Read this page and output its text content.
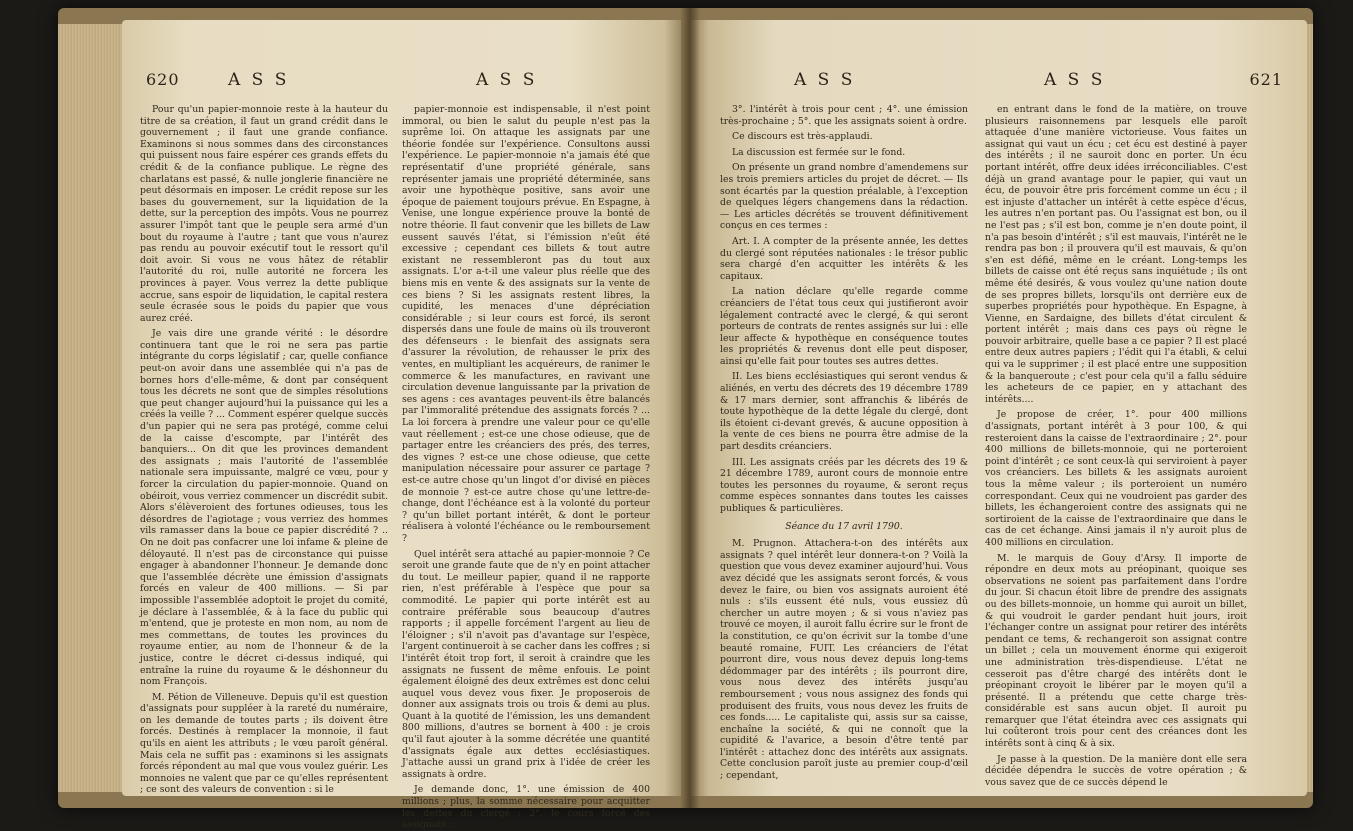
620	A S S	A S S

Pour qu'un papier-monnoie reste à la hauteur du titre de sa création, il faut un grand crédit dans le gouvernement ; il faut une grande confiance. Examinons si nous sommes dans des circonstances qui puissent nous faire espérer ces grands effets du crédit & de la confiance publique. Le règne des charlatans est passé, & nulle jonglerie financière ne peut désormais en imposer. Le crédit repose sur les bases du gouvernement, sur la liquidation de la dette, sur la perception des impôts. Vous ne pourrez assurer l'impôt tant que le peuple sera armé d'un bout du royaume à l'autre ; tant que vous n'aurez pas rendu au pouvoir exécutif tout le ressort qu'il doit avoir. Si vous ne vous hâtez de rétablir l'autorité du roi, nulle autorité ne forcera les provinces à payer. Vous verrez la dette publique accrue, sans espoir de liquidation, le capital restera seule écrasée sous le poids du papier que vous aurez créé.

Je vais dire une grande vérité : le désordre continuera tant que le roi ne sera pas partie intégrante du corps législatif ; car, quelle confiance peut-on avoir dans une assemblée qui n'a pas de bornes hors d'elle-même, & dont par conséquent tous les décrets ne sont que de simples résolutions que peut changer aujourd'hui la puissance qui les a créés la veille ? ... Comment espérer quelque succès d'un papier qui ne sera pas protégé, comme celui de la caisse d'escompte, par l'intérêt des banquiers... On dit que les provinces demandent des assignats ; mais l'autorité de l'assemblée nationale sera impuissante, malgré ce vœu, pour y forcer la circulation du papier-monnoie. Quand on obéiroit, vous verriez commencer un discrédit subit. Alors s'élèveroient des fortunes odieuses, tous les désordres de l'agiotage ; vous verriez des hommes vils ramasser dans la boue ce papier discrédité ? .. On ne doit pas confacrer une loi infame & pleine de déloyauté. Il n'est pas de circonstance qui puisse engager à abandonner l'honneur. Je demande donc que l'assemblée décrète une émission d'assignats forcés en valeur de 400 millions. — Si par impossible l'assemblée adoptoit le projet du comité, je déclare à l'assemblée, & à la face du public qui m'entend, que je proteste en mon nom, au nom de mes commettans, de toutes les provinces du royaume entier, au nom de l'honneur & de la justice, contre le décret ci-dessus indiqué, qui entraîne la ruine du royaume & le déshonneur du nom François.

M. Pétion de Villeneuve. Depuis qu'il est question d'assignats pour suppléer à la rareté du numéraire, on les demande de toutes parts ; ils doivent être forcés. Destinés à remplacer la monnoie, il faut qu'ils en aient les attributs ; le vœu paroît général. Mais cela ne suffit pas : examinons si les assignats forcés répondent au mal que vous voulez guérir. Les monnoies ne valent que par ce qu'elles représentent ; ce sont des valeurs de convention : si le

papier-monnoie est indispensable, il n'est point immoral, ou bien le salut du peuple n'est pas la suprême loi. On attaque les assignats par une théorie fondée sur l'expérience. Consultons aussi l'expérience. Le papier-monnoie n'a jamais été que représentatif d'une propriété générale, sans représenter jamais une propriété déterminée, sans avoir une hypothèque positive, sans avoir une époque de paiement toujours prévue. En Espagne, à Venise, une longue expérience prouve la bonté de notre théorie. Il faut convenir que les billets de Law eussent sauvés l'état, si l'émission n'eût été excessive ; cependant ces billets & tout autre existant ne ressembleront pas du tout aux assignats. L'or a-t-il une valeur plus réelle que des biens mis en vente & des assignats sur la vente de ces biens ? Si les assignats restent libres, la cupidité, les menaces d'une dépréciation considérable ; si leur cours est forcé, ils seront dispersés dans une foule de mains où ils trouveront des défenseurs : le bienfait des assignats sera d'assurer la révolution, de rehausser le prix des ventes, en multipliant les acquéreurs, de ranimer le commerce & les manufactures, en ravivant une circulation devenue languissante par la privation de ses agens : ces avantages peuvent-ils être balancés par l'immoralité prétendue des assignats forcés ? ... La loi forcera à prendre une valeur pour ce qu'elle vaut réellement ; est-ce une chose odieuse, que de partager entre les créanciers des prés, des terres, des vignes ? est-ce une chose odieuse, que cette manipulation nécessaire pour assurer ce partage ? est-ce autre chose qu'un lingot d'or divisé en pièces de monnoie ? est-ce autre chose qu'une lettre-de-change, dont l'échéance est à la volonté du porteur ? qu'un billet portant intérêt, & dont le porteur réalisera à volonté l'échéance ou le remboursement ?

Quel intérêt sera attaché au papier-monnoie ? Ce seroit une grande faute que de n'y en point attacher du tout. Le meilleur papier, quand il ne rapporte rien, n'est préférable à l'espèce que pour sa commodité. Le papier qui porte intérêt est au contraire préférable sous beaucoup d'autres rapports ; il appelle forcément l'argent au lieu de l'éloigner ; s'il n'avoit pas d'avantage sur l'espèce, l'argent continueroit à se cacher dans les coffres ; si l'intérêt étoit trop fort, il seroit à craindre que les assignats ne fussent de même enfouis. Le point également éloigné des deux extrêmes est donc celui auquel vous devez vous fixer. Je proposerois de donner aux assignats trois ou trois & demi au plus. Quant à la quotité de l'émission, les uns demandent 800 millions, d'autres se bornent à 400 : je crois qu'il faut ajouter à la somme décrétée une quantité d'assignats égale aux dettes ecclésiastiques. J'attache aussi un grand prix à l'idée de créer les assignats à ordre.

Je demande donc, 1°. une émission de 400 millions ; plus, la somme nécessaire pour acquitter les dettes du clergé ; 2°. le cours forcé des assignats ;

A S S	A S S	621

3°. l'intérêt à trois pour cent ; 4°. une émission très-prochaine ; 5°. que les assignats soient à ordre.

Ce discours est très-applaudi.

La discussion est fermée sur le fond.

On présente un grand nombre d'amendemens sur les trois premiers articles du projet de décret. — Ils sont écartés par la question préalable, à l'exception de quelques légers changemens dans la rédaction. — Les articles décrétés se trouvent définitivement conçus en ces termes :

Art. I. A compter de la présente année, les dettes du clergé sont réputées nationales : le trésor public sera chargé d'en acquitter les intérêts & les capitaux.

La nation déclare qu'elle regarde comme créanciers de l'état tous ceux qui justifieront avoir légalement contracté avec le clergé, & qui seront porteurs de contrats de rentes assignés sur lui : elle leur affecte & hypothèque en conséquence toutes les propriétés & revenus dont elle peut disposer, ainsi qu'elle fait pour toutes ses autres dettes.

II. Les biens ecclésiastiques qui seront vendus & aliénés, en vertu des décrets des 19 décembre 1789 & 17 mars dernier, sont affranchis & libérés de toute hypothèque de la dette légale du clergé, dont ils étoient ci-devant grevés, & aucune opposition à la vente de ces biens ne pourra être admise de la part desdits créanciers.

III. Les assignats créés par les décrets des 19 & 21 décembre 1789, auront cours de monnoie entre toutes les personnes du royaume, & seront reçus comme espèces sonnantes dans toutes les caisses publiques & particulières.

Séance du 17 avril 1790.

M. Prugnon. Attachera-t-on des intérêts aux assignats ? quel intérêt leur donnera-t-on ? Voilà la question que vous devez examiner aujourd'hui. Vous avez décidé que les assignats seront forcés, & vous devez le faire, ou bien vos assignats auroient été nuls : s'ils eussent été nuls, vous eussiez dû chercher un autre moyen ; & si vous n'aviez pas trouvé ce moyen, il auroit fallu écrire sur le front de la constitution, ce qu'on écrivit sur la tombe d'une beauté romaine, FUIT. Les créanciers de l'état pourront dire, vous nous devez depuis long-tems dédommager par des intérêts ; ils pourront dire, vous nous devez des intérêts jusqu'au remboursement ; vous nous assignez des fonds qui produisent des fruits, vous nous devez les fruits de ces fonds..... Le capitaliste qui, assis sur sa caisse, enchaîne la société, & qui ne connoît que la cupidité & l'avarice, a besoin d'être tenté par l'intérêt : attachez donc des intérêts aux assignats. Cette conclusion paroît juste au premier coup-d'œil ; cependant,

en entrant dans le fond de la matière, on trouve plusieurs raisonnemens par lesquels elle paroît attaquée d'une manière victorieuse. Vous faites un assignat qui vaut un écu ; cet écu est destiné à payer des intérêts ; il ne sauroit donc en porter. Un écu portant intérêt, offre deux idées irréconciliables. C'est déjà un grand avantage pour le papier, qui vaut un écu, de pouvoir être pris forcément comme un écu ; il est injuste d'attacher un intérêt à cette espèce d'écus, les autres n'en portant pas. Ou l'assignat est bon, ou il ne l'est pas ; s'il est bon, comme je n'en doute point, il n'a pas besoin d'intérêt ; s'il est mauvais, l'intérêt ne le rendra pas bon ; il prouvera qu'il est mauvais, & qu'on s'en est défié, même en le créant. Long-temps les billets de caisse ont été reçus sans inquiétude ; ils ont même été desirés, & vous voulez qu'une nation doute de ses propres billets, lorsqu'ils ont derrière eux de superbes propriétés pour hypothèque. En Espagne, à Vienne, en Sardaigne, des billets d'état circulent & portent intérêt ; mais dans ces pays où règne le pouvoir arbitraire, quelle base a ce papier ? Il est placé entre deux autres papiers ; l'édit qui l'a établi, & celui qui va le supprimer ; il est placé entre une supposition & la banqueroute ; c'est pour cela qu'il a fallu séduire les acheteurs de ce papier, en y attachant des intérêts....

Je propose de créer, 1°. pour 400 millions d'assignats, portant intérêt à 3 pour 100, & qui resteroient dans la caisse de l'extraordinaire ; 2°. pour 400 millions de billets-monnoie, qui ne porteroient point d'intérêt ; ce sont ceux-là qui serviroient à payer vos créanciers. Les billets & les assignats auroient tous la même valeur ; ils porteroient un numéro correspondant. Ceux qui ne voudroient pas garder des billets, les échangeroient contre des assignats qui ne sortiroient de la caisse de l'extraordinaire que dans le cas de cet échange. Ainsi jamais il n'y auroit plus de 400 millions en circulation.

M. le marquis de Gouy d'Arsy. Il importe de répondre en deux mots au préopinant, quoique ses observations ne soient pas parfaitement dans l'ordre du jour. Si chacun étoit libre de prendre des assignats ou des billets-monnoie, un homme qui auroit un billet, & qui voudroit le garder pendant huit jours, iroit l'échanger contre un assignat pour retirer des intérêts pendant ce tems, & rechangeroit son assignat contre un billet ; cela un mouvement énorme qui exigeroit une administration très-dispendieuse. L'état ne cesseroit pas d'être chargé des intérêts dont le préopinant croyoit le libérer par le moyen qu'il a présenté. Il a prétendu que cette charge très-considérable est sans aucun objet. Il auroit pu remarquer que l'état éteindra avec ces assignats qui lui coûteront trois pour cent des créances dont les intérêts sont à cinq & à six.

Je passe à la question. De la manière dont elle sera décidée dépendra le succès de votre opération ; & vous savez que de ce succès dépend le
